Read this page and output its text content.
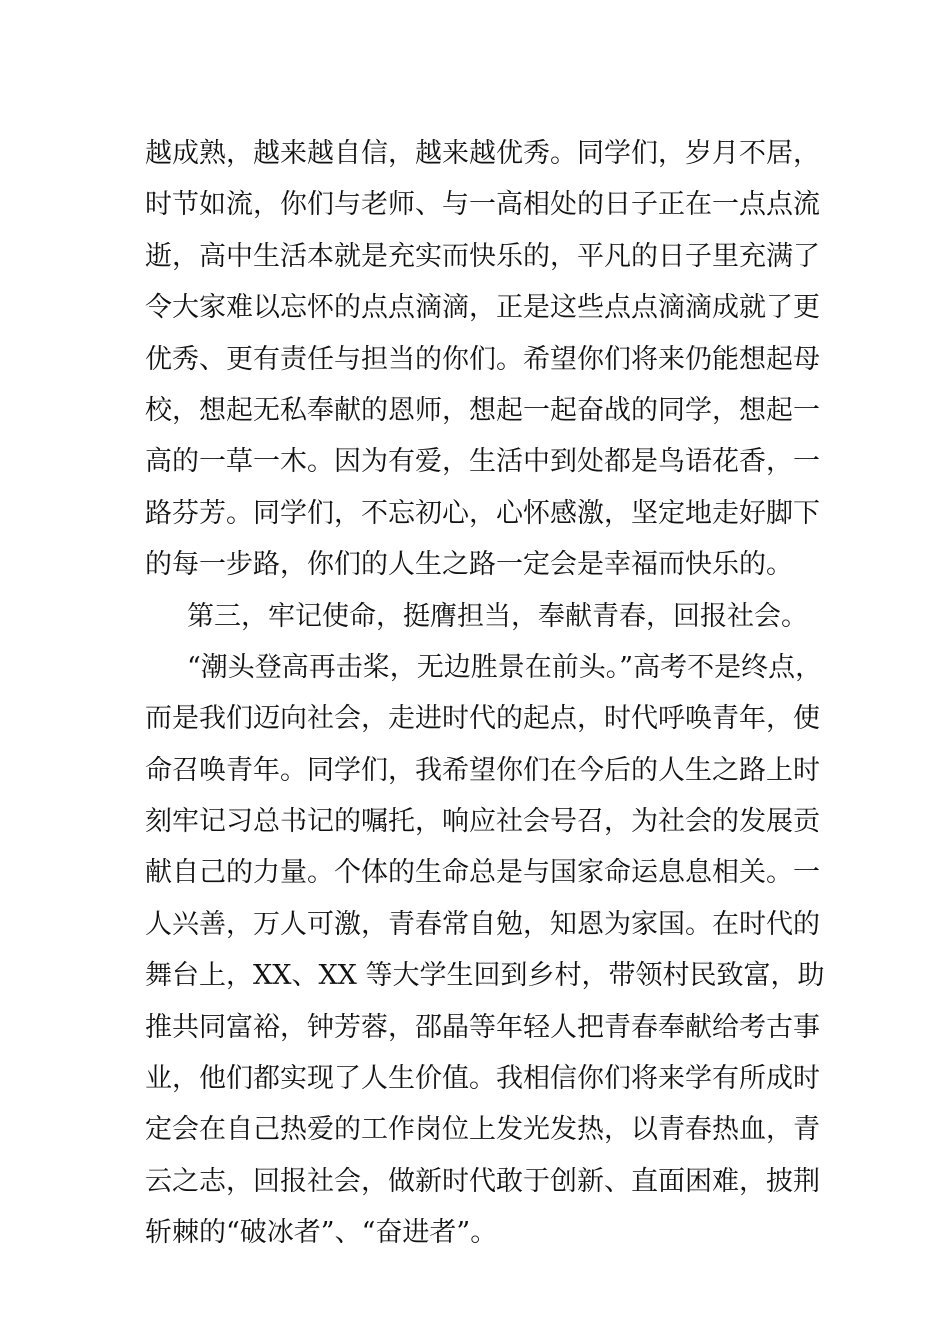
越成熟，越来越自信，越来越优秀。同学们，岁月不居，
时节如流，你们与老师、与一高相处的日子正在一点点流
逝，高中生活本就是充实而快乐的，平凡的日子里充满了
令大家难以忘怀的点点滴滴，正是这些点点滴滴成就了更
优秀、更有责任与担当的你们。希望你们将来仍能想起母
校，想起无私奉献的恩师，想起一起奋战的同学，想起一
高的一草一木。因为有爱，生活中到处都是鸟语花香，一
路芬芳。同学们，不忘初心，心怀感激，坚定地走好脚下
的每一步路，你们的人生之路一定会是幸福而快乐的。
第三，牢记使命，挺膺担当，奉献青春，回报社会。
“潮头登高再击桨，无边胜景在前头。”高考不是终点，
而是我们迈向社会，走进时代的起点，时代呼唤青年，使
命召唤青年。同学们，我希望你们在今后的人生之路上时
刻牢记习总书记的嘱托，响应社会号召，为社会的发展贡
献自己的力量。个体的生命总是与国家命运息息相关。一
人兴善，万人可激，青春常自勉，知恩为家国。在时代的
舞台上，XX、XX 等大学生回到乡村，带领村民致富，助
推共同富裕，钟芳蓉，邵晶等年轻人把青春奉献给考古事
业，他们都实现了人生价值。我相信你们将来学有所成时
定会在自己热爱的工作岗位上发光发热，以青春热血，青
云之志，回报社会，做新时代敢于创新、直面困难，披荆
斩棘的“破冰者”、“奋进者”。
